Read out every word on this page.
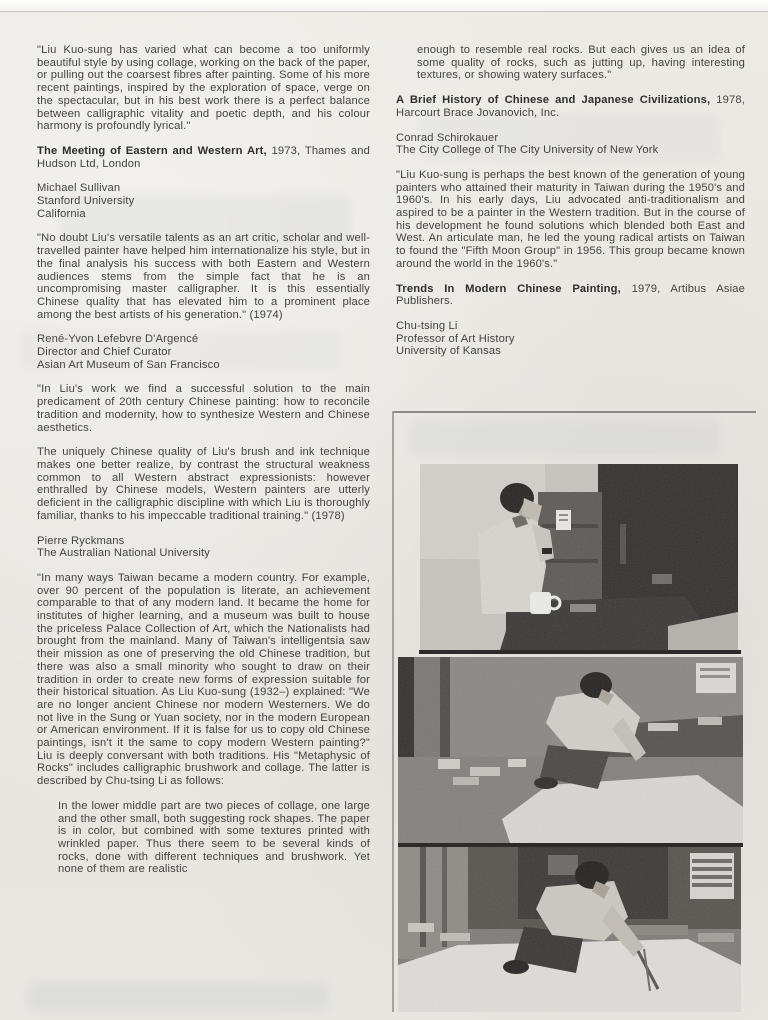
"Liu Kuo-sung has varied what can become a too uniformly beautiful style by using collage, working on the back of the paper, or pulling out the coarsest fibres after painting. Some of his more recent paintings, inspired by the exploration of space, verge on the spectacular, but in his best work there is a perfect balance between calligraphic vitality and poetic depth, and his colour harmony is profoundly lyrical."

The Meeting of Eastern and Western Art, 1973, Thames and Hudson Ltd, London

Michael Sullivan
Stanford University
California

"No doubt Liu's versatile talents as an art critic, scholar and well-travelled painter have helped him internationalize his style, but in the final analysis his success with both Eastern and Western audiences stems from the simple fact that he is an uncompromising master calligrapher. It is this essentially Chinese quality that has elevated him to a prominent place among the best artists of his generation." (1974)

René-Yvon Lefebvre D'Argencé
Director and Chief Curator
Asian Art Museum of San Francisco

"In Liu's work we find a successful solution to the main predicament of 20th century Chinese painting: how to reconcile tradition and modernity, how to synthesize Western and Chinese aesthetics.

The uniquely Chinese quality of Liu's brush and ink technique makes one better realize, by contrast the structural weakness common to all Western abstract expressionists: however enthralled by Chinese models, Western painters are utterly deficient in the calligraphic discipline with which Liu is thoroughly familiar, thanks to his impeccable traditional training." (1978)

Pierre Ryckmans
The Australian National University

"In many ways Taiwan became a modern country. For example, over 90 percent of the population is literate, an achievement comparable to that of any modern land. It became the home for institutes of higher learning, and a museum was built to house the priceless Palace Collection of Art, which the Nationalists had brought from the mainland. Many of Taiwan's intelligentsia saw their mission as one of preserving the old Chinese tradition, but there was also a small minority who sought to draw on their tradition in order to create new forms of expression suitable for their historical situation. As Liu Kuo-sung (1932–) explained: "We are no longer ancient Chinese nor modern Westerners. We do not live in the Sung or Yuan society, nor in the modern European or American environment. If it is false for us to copy old Chinese paintings, isn't it the same to copy modern Western painting?" Liu is deeply conversant with both traditions. His "Metaphysic of Rocks" includes calligraphic brushwork and collage. The latter is described by Chu-tsing Li as follows:

In the lower middle part are two pieces of collage, one large and the other small, both suggesting rock shapes. The paper is in color, but combined with some textures printed with wrinkled paper. Thus there seem to be several kinds of rocks, done with different techniques and brushwork. Yet none of them are realistic

enough to resemble real rocks. But each gives us an idea of some quality of rocks, such as jutting up, having interesting textures, or showing watery surfaces."

A Brief History of Chinese and Japanese Civilizations, 1978, Harcourt Brace Jovanovich, Inc.

Conrad Schirokauer
The City College of The City University of New York

"Liu Kuo-sung is perhaps the best known of the generation of young painters who attained their maturity in Taiwan during the 1950's and 1960's. In his early days, Liu advocated anti-traditionalism and aspired to be a painter in the Western tradition. But in the course of his development he found solutions which blended both East and West. An articulate man, he led the young radical artists on Taiwan to found the "Fifth Moon Group" in 1956. This group became known around the world in the 1960's."

Trends In Modern Chinese Painting, 1979, Artibus Asiae Publishers.

Chu-tsing Li
Professor of Art History
University of Kansas
